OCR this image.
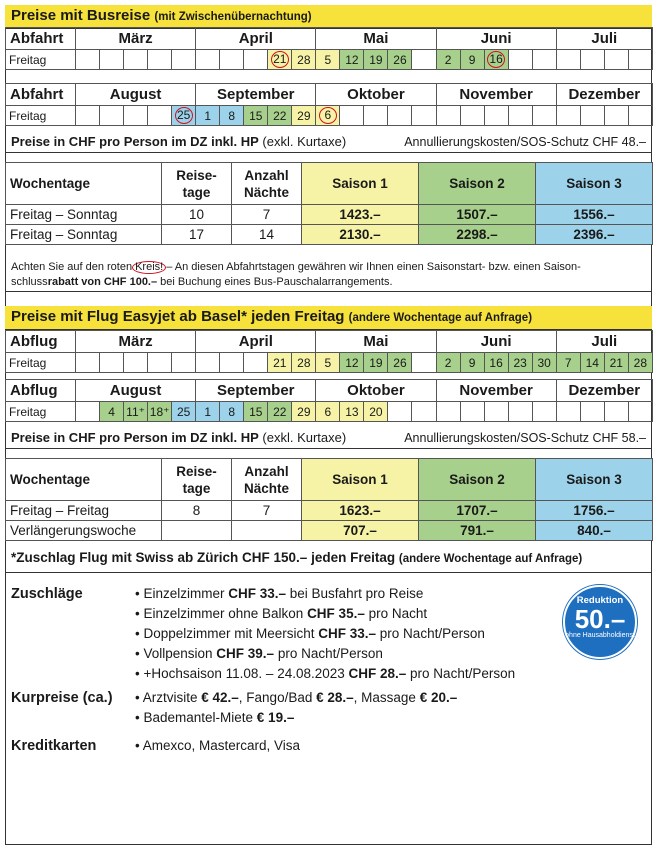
Preise mit Busreise (mit Zwischenübernachtung)
Abfahrt	März					April					Mai					Juni					Juli			
Freitag									21	28	5	12	19	26		2	9	16						
Abfahrt	August					September					Oktober					November					Dezember			
Freitag					25	1	8	15	22	29	6													
Preise in CHF pro Person im DZ inkl. HP (exkl. Kurtaxe)	Annullierungskosten/SOS-Schutz CHF 48.–
Wochentage	Reise-tage	Anzahl Nächte	Saison 1	Saison 2	Saison 3
Freitag – Sonntag	10	7	1423.–	1507.–	1556.–
Freitag – Sonntag	17	14	2130.–	2298.–	2396.–
Achten Sie auf den roten Kreis! – An diesen Abfahrtstagen gewähren wir Ihnen einen Saisonstart- bzw. einen Saison-schlussrabatt von CHF 100.– bei Buchung eines Bus-Pauschalarrangements.
Preise mit Flug Easyjet ab Basel* jeden Freitag (andere Wochentage auf Anfrage)
Abflug	März					April					Mai					Juni					Juli			
Freitag									21	28	5	12	19	26		2	9	16	23	30	7	14	21	28
Abflug	August					September					Oktober					November					Dezember			
Freitag		4	11⁺	18⁺	25	1	8	15	22	29	6	13	20											
Preise in CHF pro Person im DZ inkl. HP (exkl. Kurtaxe)	Annullierungskosten/SOS-Schutz CHF 58.–
Wochentage	Reise-tage	Anzahl Nächte	Saison 1	Saison 2	Saison 3
Freitag – Freitag	8	7	1623.–	1707.–	1756.–
Verlängerungswoche			707.–	791.–	840.–
*Zuschlag Flug mit Swiss ab Zürich CHF 150.– jeden Freitag (andere Wochentage auf Anfrage)
Zuschläge	• Einzelzimmer CHF 33.– bei Busfahrt pro Reise
• Einzelzimmer ohne Balkon CHF 35.– pro Nacht
• Doppelzimmer mit Meersicht CHF 33.– pro Nacht/Person
• Vollpension CHF 39.– pro Nacht/Person
• +Hochsaison 11.08. – 24.08.2023 CHF 28.– pro Nacht/Person
Kurpreise (ca.)	• Arztvisite € 42.–, Fango/Bad € 28.–, Massage € 20.–
• Bademantel-Miete € 19.–
Kreditkarten	• Amexco, Mastercard, Visa
Reduktion
50.–
ohne Hausabholdienst
